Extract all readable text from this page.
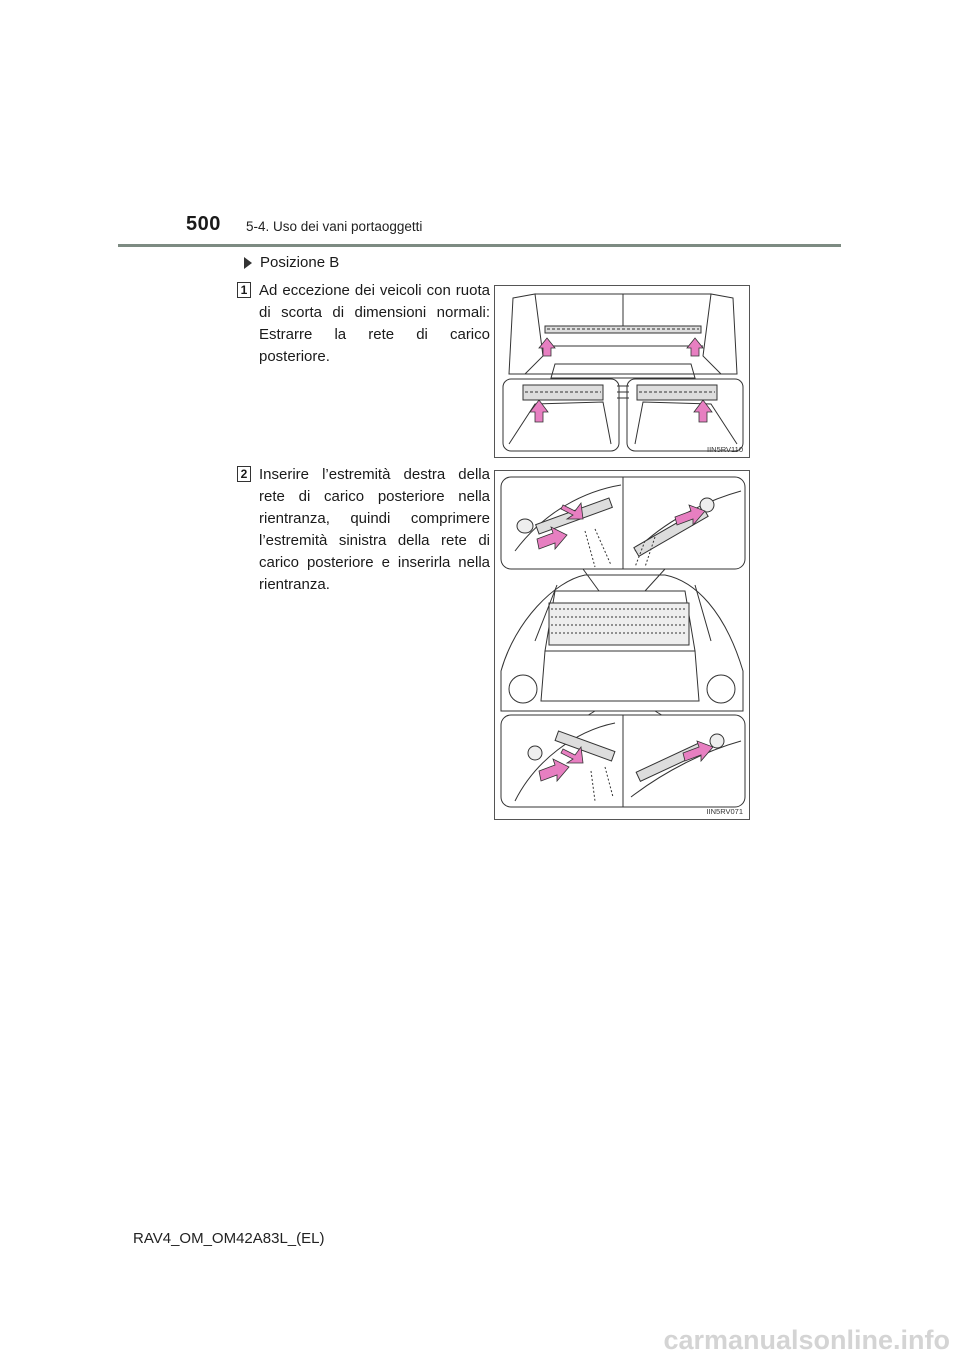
500 5-4. Uso dei vani portaoggetti
Posizione B
1 Ad eccezione dei veicoli con ruota di scorta di dimensioni normali: Estrarre la rete di carico posteriore.
IIN5RV110
2 Inserire l’estremità destra della rete di carico posteriore nella rientranza, quindi comprimere l’estremità sinistra della rete di carico posteriore e inserirla nella rientranza.
IIN5RV071
RAV4_OM_OM42A83L_(EL)
carmanualsonline.info
